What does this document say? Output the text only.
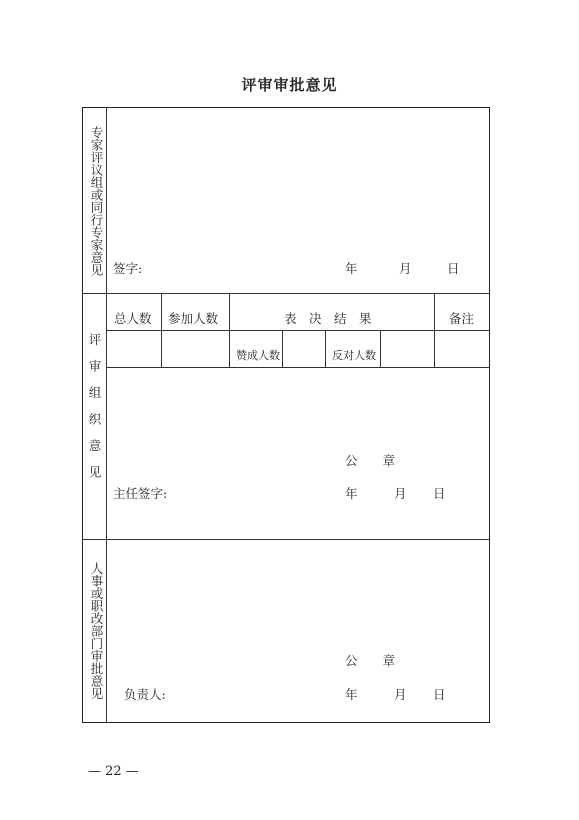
评审审批意见
专家评议组或同行专家意见 签字:	年	月	日
评审组织意见
总人数 参加人数	表　决　结　果	备注
赞成人数	反对人数
公　　章
主任签字:	年	月 日
人事或职改部门审批意见	公　　章
负责人:	年	月 日
— 22 —
